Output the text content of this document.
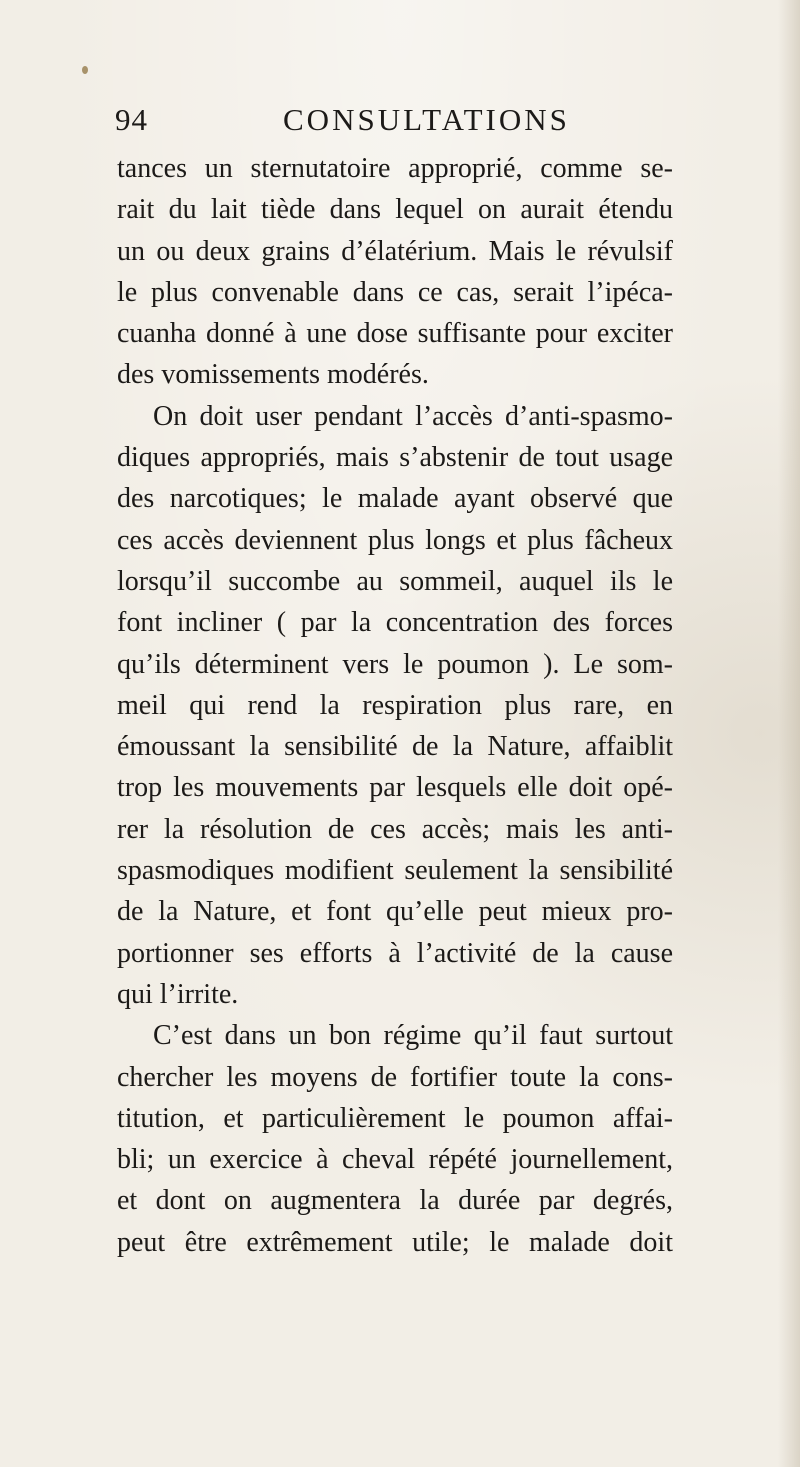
94	CONSULTATIONS
tances un sternutatoire approprié, comme se-
rait du lait tiède dans lequel on aurait étendu
un ou deux grains d’élatérium. Mais le révulsif
le plus convenable dans ce cas, serait l’ipéca-
cuanha donné à une dose suffisante pour exciter
des vomissements modérés.
On doit user pendant l’accès d’anti-spasmo-
diques appropriés, mais s’abstenir de tout usage
des narcotiques; le malade ayant observé que
ces accès deviennent plus longs et plus fâcheux
lorsqu’il succombe au sommeil, auquel ils le
font incliner ( par la concentration des forces
qu’ils déterminent vers le poumon ). Le som-
meil qui rend la respiration plus rare, en
émoussant la sensibilité de la Nature, affaiblit
trop les mouvements par lesquels elle doit opé-
rer la résolution de ces accès; mais les anti-
spasmodiques modifient seulement la sensibilité
de la Nature, et font qu’elle peut mieux pro-
portionner ses efforts à l’activité de la cause
qui l’irrite.
C’est dans un bon régime qu’il faut surtout
chercher les moyens de fortifier toute la cons-
titution, et particulièrement le poumon affai-
bli; un exercice à cheval répété journellement,
et dont on augmentera la durée par degrés,
peut être extrêmement utile; le malade doit
